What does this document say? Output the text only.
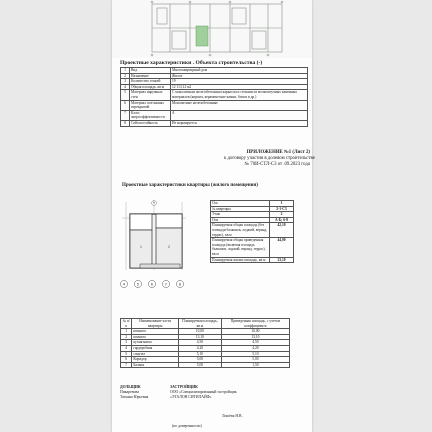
Проектные характеристики . Объекта строительства (-)
1	Вид	Многоквартирный дом
2	Назначение	Жилое
3	Количество этажей	19
4	Общая площадь, кв.м	12 113,12 м2
5	Материал наружных стен	С монолитным железобетонным каркасом и стенами из мелкоштучных каменных материалов (кирпич, керамические камни, блоки и др.)
6	Материал поэтажных перекрытий	Монолитные железобетонные
7	Класс энергоэффективности	А
8	Сейсмостойкость	Не нормируется
ПРИЛОЖЕНИЕ №1 (Лист 2)
к договору участия в долевом строительстве
№ 70И-СТЛ-С3 от .09.2023 года
Проектные характеристики квартиры (жилого помещения)
1	2
9
4	5	6	7	8
Ось	1
№ квартиры	2-1-С3
Этаж	2
Оси	А-Б; 6-8
Планируемая общая площадь (без площади балконов, лоджий, веранд, террас), кв.м	42,10
Планируемая общая приведенная площадь (включая площадь балконов, лоджий, веранд, террас), кв.м	44,00
Планируемая жилая площадь, кв.м	23,10
№ п/п	Наименование части квартиры	Планируемая площадь, кв.м	Приведенная площадь, с учетом коэффициента
1	комната	10,00	10,00
2	комната	13,10	13,10
3	кухня-ниша	4,50	4,50
4	гардеробная	4,20	4,20
5	санузел	5,10	5,10
6	Коридор	5,00	5,00
7	Балкон	5,00	1,50
ДОЛЬЩИК
Пикаревова
Татьяна Юрьевна
ЗАСТРОЙЩИК
ООО «Специализированный застройщик
«ЭТАЛОН СИТИЛАЙФ»
Лошёва Н.В.
(по доверенности)
